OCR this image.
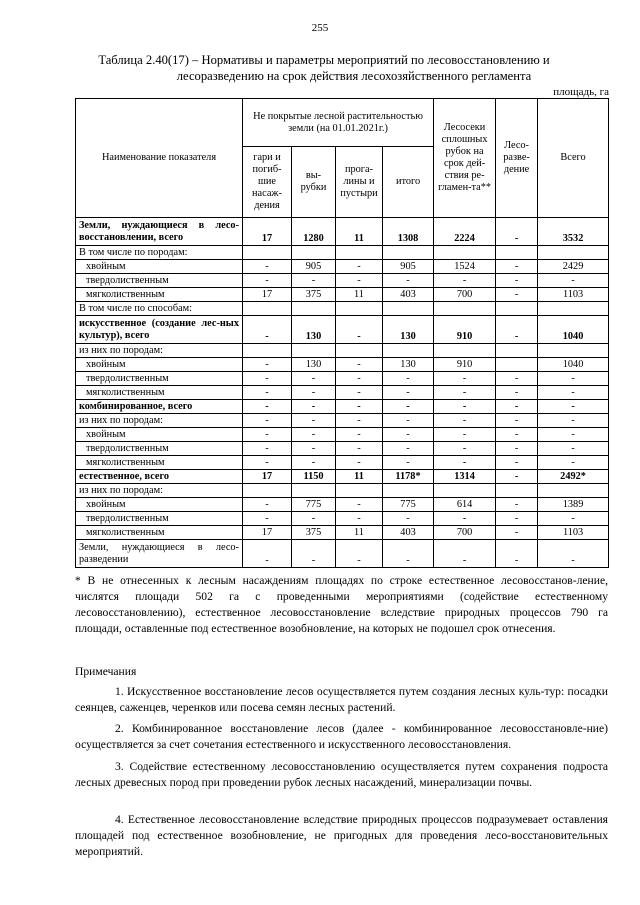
255
Таблица 2.40(17) – Нормативы и параметры мероприятий по лесовосстановлению и
лесоразведению на срок действия лесохозяйственного регламента
площадь, га
Наименование показателя	Не покрытые лесной растительностью земли (на 01.01.2021г.)				Лесосеки сплошных рубок на срок дей-ствия ре-гламен-та**	Лесо-разве-дение	Всего
	гари и погиб-шие насаж-дения	вы-рубки	прога-лины и пустыри	итого			
Земли, нуждающиеся в лесо-восстановлении, всего	17	1280	11	1308	2224	-	3532
В том числе по породам:							
хвойным	-	905	-	905	1524	-	2429
твердолиственным	-	-	-	-	-	-	-
мягколиственным	17	375	11	403	700	-	1103
В том числе по способам:							
искусственное (создание лес-ных культур), всего	-	130	-	130	910	-	1040
из них по породам:							
хвойным	-	130	-	130	910		1040
твердолиственным	-	-	-	-	-	-	-
мягколиственным	-	-	-	-	-	-	-
комбинированное, всего	-	-	-	-	-	-	-
из них по породам:	-	-	-	-	-	-	-
хвойным	-	-	-	-	-	-	-
твердолиственным	-	-	-	-	-	-	-
мягколиственным	-	-	-	-	-	-	-
естественное, всего	17	1150	11	1178*	1314	-	2492*
из них по породам:							
хвойным	-	775	-	775	614	-	1389
твердолиственным	-	-	-	-	-	-	-
мягколиственным	17	375	11	403	700	-	1103
Земли, нуждающиеся в лесо-разведении	-	-	-	-	-	-	-
* В не отнесенных к лесным насаждениям площадях по строке естественное лесовосстанов-ление, числятся площади 502 га с проведенными мероприятиями (содействие естественному лесовосстановлению), естественное лесовосстановление вследствие природных процессов 790 га площади, оставленные под естественное возобновление, на которых не подошел срок отнесения.
Примечания

1. Искусственное восстановление лесов осуществляется путем создания лесных куль-тур: посадки сеянцев, саженцев, черенков или посева семян лесных растений.

2. Комбинированное восстановление лесов (далее - комбинированное лесовосстановле-ние) осуществляется за счет сочетания естественного и искусственного лесовосстановления.

3. Содействие естественному лесовосстановлению осуществляется путем сохранения подроста лесных древесных пород при проведении рубок лесных насаждений, минерализации почвы.

4. Естественное лесовосстановление вследствие природных процессов подразумевает оставления площадей под естественное возобновление, не пригодных для проведения лесо-восстановительных мероприятий.
